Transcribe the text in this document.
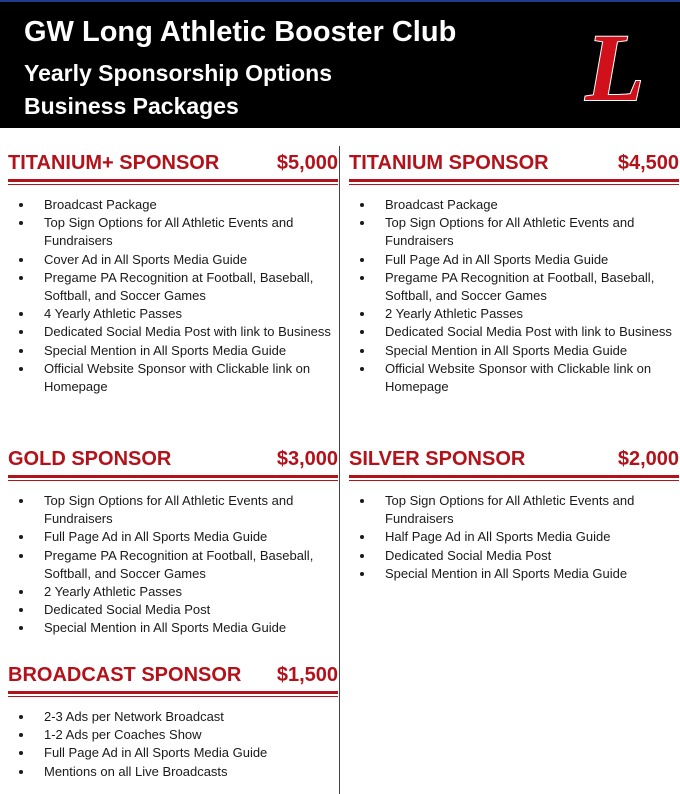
GW Long Athletic Booster Club
Yearly Sponsorship Options
Business Packages	L
TITANIUM+ SPONSOR	$5,000
Broadcast Package
Top Sign Options for All Athletic Events and Fundraisers
Cover Ad in All Sports Media Guide
Pregame PA Recognition at Football, Baseball, Softball, and Soccer Games
4 Yearly Athletic Passes
Dedicated Social Media Post with link to Business
Special Mention in All Sports Media Guide
Official Website Sponsor with Clickable link on Homepage
TITANIUM SPONSOR	$4,500
Broadcast Package
Top Sign Options for All Athletic Events and Fundraisers
Full Page Ad in All Sports Media Guide
Pregame PA Recognition at Football, Baseball, Softball, and Soccer Games
2 Yearly Athletic Passes
Dedicated Social Media Post with link to Business
Special Mention in All Sports Media Guide
Official Website Sponsor with Clickable link on Homepage
GOLD SPONSOR	$3,000
Top Sign Options for All Athletic Events and Fundraisers
Full Page Ad in All Sports Media Guide
Pregame PA Recognition at Football, Baseball, Softball, and Soccer Games
2 Yearly Athletic Passes
Dedicated Social Media Post
Special Mention in All Sports Media Guide
SILVER SPONSOR	$2,000
Top Sign Options for All Athletic Events and Fundraisers
Half Page Ad in All Sports Media Guide
Dedicated Social Media Post
Special Mention in All Sports Media Guide
BROADCAST SPONSOR $1,500
2-3 Ads per Network Broadcast
1-2 Ads per Coaches Show
Full Page Ad in All Sports Media Guide
Mentions on all Live Broadcasts
